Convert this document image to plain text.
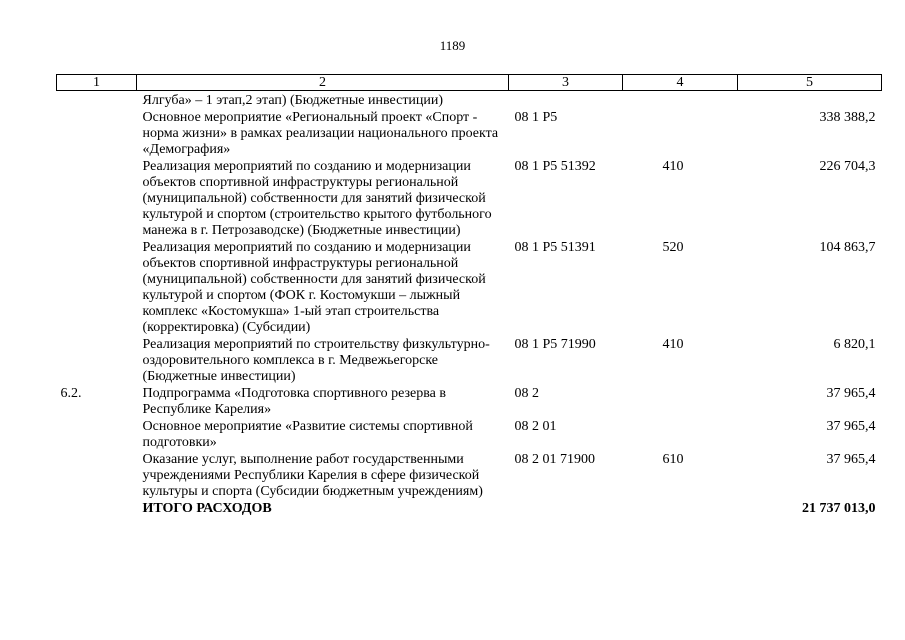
1189
1	2	3	4	5
	Ялгуба» – 1 этап,2 этап) (Бюджетные инвестиции)			
	Основное мероприятие «Региональный проект «Спорт - норма жизни» в рамках реализации национального проекта «Демография»	08 1 P5		338 388,2
	Реализация мероприятий по созданию и модернизации объектов спортивной инфраструктуры региональной (муниципальной) собственности для занятий физической культурой и спортом (строительство крытого футбольного манежа в г. Петрозаводске) (Бюджетные инвестиции)	08 1 P5 51392	410	226 704,3
	Реализация мероприятий по созданию и модернизации объектов спортивной инфраструктуры региональной (муниципальной) собственности для занятий физической культурой и спортом (ФОК г. Костомукши – лыжный комплекс «Костомукша» 1-ый этап строительства (корректировка) (Субсидии)	08 1 P5 51391	520	104 863,7
	Реализация мероприятий по строительству физкультурно-оздоровительного комплекса в г. Медвежьегорске (Бюджетные инвестиции)	08 1 P5 71990	410	6 820,1
6.2.	Подпрограмма «Подготовка спортивного резерва в Республике Карелия»	08 2		37 965,4
	Основное мероприятие «Развитие системы спортивной подготовки»	08 2 01		37 965,4
	Оказание услуг, выполнение работ государственными учреждениями Республики Карелия в сфере физической культуры и спорта (Субсидии бюджетным учреждениям)	08 2 01 71900	610	37 965,4
	ИТОГО РАСХОДОВ			21 737 013,0
